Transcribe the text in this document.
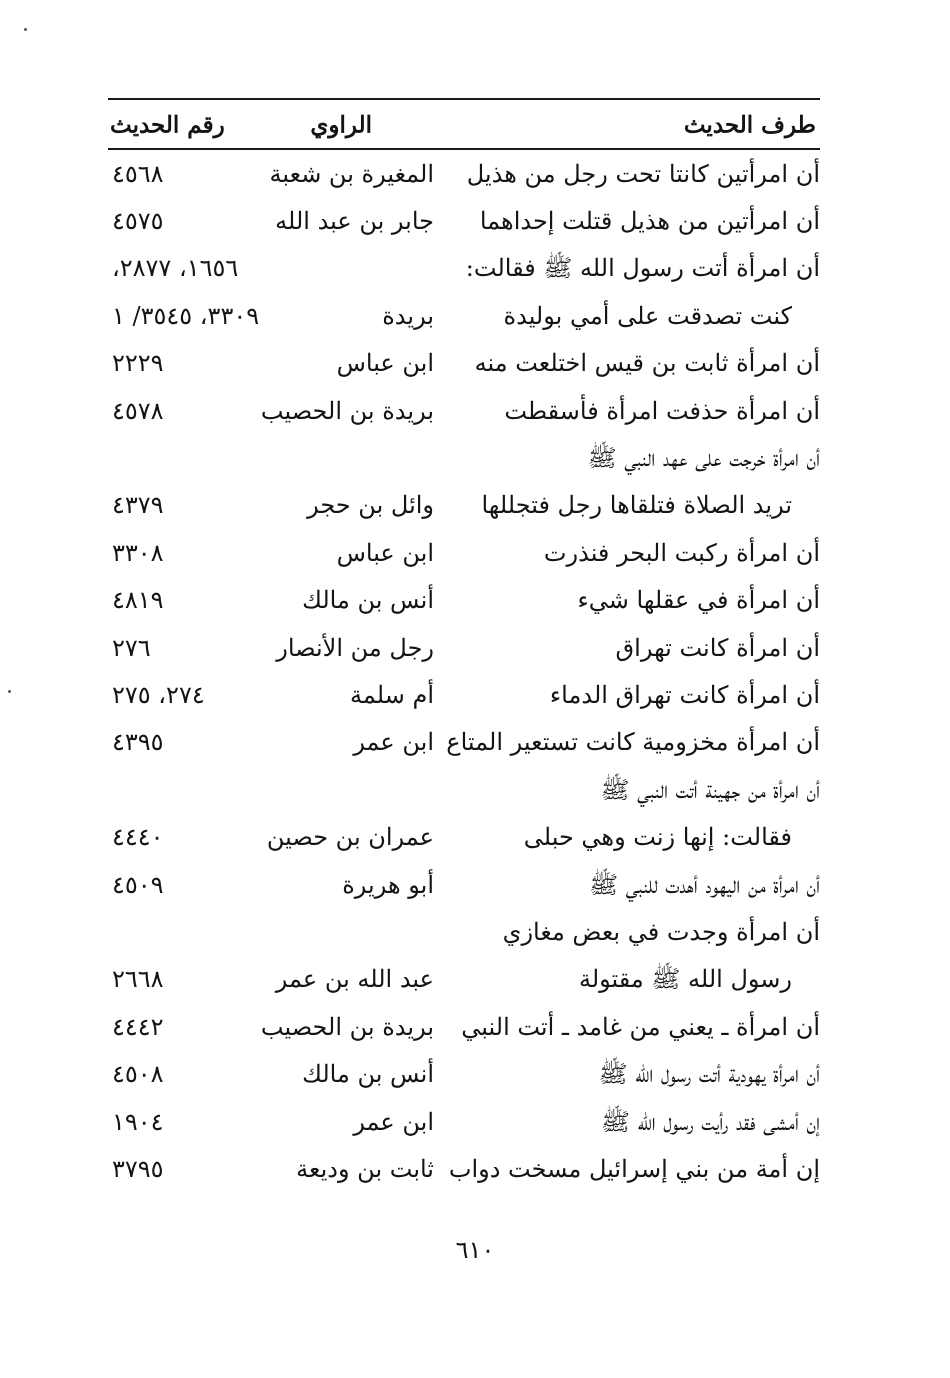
طرف الحديث
الراوي
رقم الحديث
أن امرأتين كانتا تحت رجل من هذيل
المغيرة بن شعبة
٤٥٦٨
أن امرأتين من هذيل قتلت إحداهما
جابر بن عبد الله
٤٥٧٥
أن امرأة أتت رسول الله ﷺ فقالت:
١٦٥٦، ٢٨٧٧،
كنت تصدقت على أمي بوليدة
بريدة
٣٣٠٩، ٣٥٤٥/ ١
أن امرأة ثابت بن قيس اختلعت منه
ابن عباس
٢٢٢٩
أن امرأة حذفت امرأة فأسقطت
بريدة بن الحصيب
٤٥٧٨
أن امرأة خرجت على عهد النبي ﷺ
تريد الصلاة فتلقاها رجل فتجللها
وائل بن حجر
٤٣٧٩
أن امرأة ركبت البحر فنذرت
ابن عباس
٣٣٠٨
أن امرأة في عقلها شيء
أنس بن مالك
٤٨١٩
أن امرأة كانت تهراق
رجل من الأنصار
٢٧٦
أن امرأة كانت تهراق الدماء
أم سلمة
٢٧٤، ٢٧٥
أن امرأة مخزومية كانت تستعير المتاع
ابن عمر
٤٣٩٥
أن امرأة من جهينة أتت النبي ﷺ
فقالت: إنها زنت وهي حبلى
عمران بن حصين
٤٤٤٠
أن امرأة من اليهود أهدت للنبي ﷺ
أبو هريرة
٤٥٠٩
أن امرأة وجدت في بعض مغازي
رسول الله ﷺ مقتولة
عبد الله بن عمر
٢٦٦٨
أن امرأة ـ يعني من غامد ـ أتت النبي
بريدة بن الحصيب
٤٤٤٢
أن امرأة يهودية أتت رسول الله ﷺ
أنس بن مالك
٤٥٠٨
إن أمشى فقد رأيت رسول الله ﷺ
ابن عمر
١٩٠٤
إن أمة من بني إسرائيل مسخت دواب
ثابت بن وديعة
٣٧٩٥
٦١٠
